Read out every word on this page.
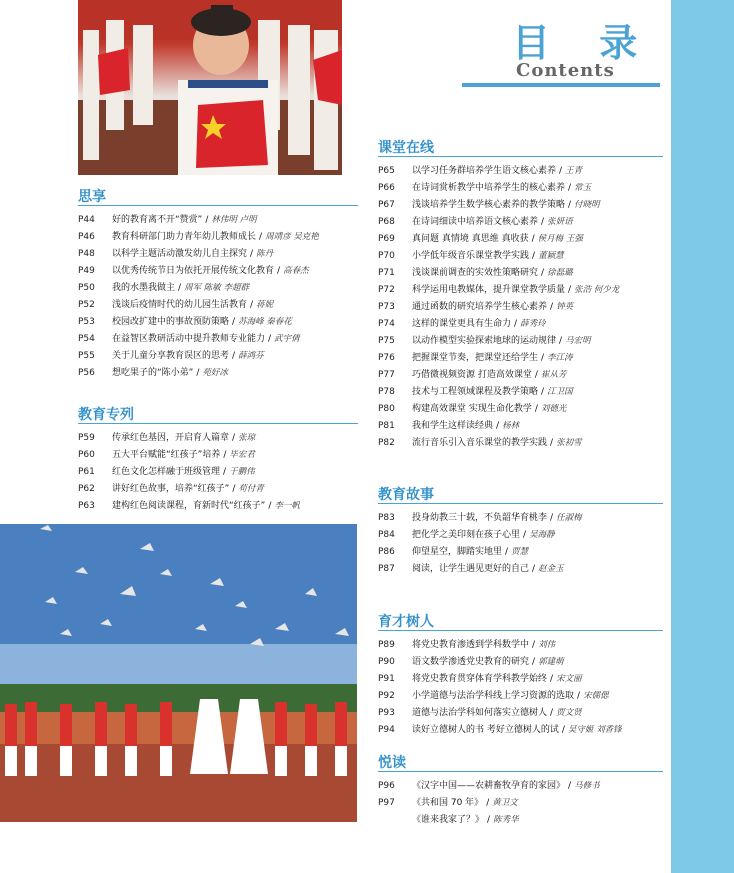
目 录
Contents
思享
P44	好的教育离不开“赞赏” / 林伟明 卢明
P46	教育科研部门助力青年幼儿教师成长 / 周靖彦 吴克艳
P48	以科学主题活动激发幼儿自主探究 / 陈丹
P49	以优秀传统节日为依托开展传统文化教育 / 高春杰
P50	我的水墨我做主 / 周军 陈敏 李超群
P52	浅谈后疫情时代的幼儿园生活教育 / 蒋妮
P53	校园改扩建中的事故预防策略 / 苏海峰 秦春花
P54	在益智区教研活动中提升教师专业能力 / 武宇倩
P55	关于儿童分享教育误区的思考 / 薛鸿芬
P56	想吃果子的“陈小弟” / 苑好冰
教育专列
P59	传承红色基因，开启育人篇章 / 张琼
P60	五大平台赋能“红孩子”培养 / 毕宏君
P61	红色文化怎样融于班级管理 / 于鹏伟
P62	讲好红色故事，培养“红孩子” / 苟付青
P63	建构红色阅读课程，育新时代“红孩子” / 李一帆
课堂在线
P65	以学习任务群培养学生语文核心素养 / 王青
P66	在诗词赏析教学中培养学生的核心素养 / 常玉
P67	浅谈培养学生数学核心素养的教学策略 / 付晓明
P68	在诗词细读中培养语文核心素养 / 张妍语
P69	真问题 真情境 真思维 真收获 / 侯月梅 王强
P70	小学低年级音乐课堂教学实践 / 董颖慧
P71	浅谈课前调查的实效性策略研究 / 徐磊璐
P72	科学运用电教媒体，提升课堂教学质量 / 张浩 何少龙
P73	通过函数的研究培养学生核心素养 / 钟英
P74	这样的课堂更具有生命力 / 薛秀玲
P75	以动作模型实验探索地球的运动规律 / 马宏明
P76	把握课堂节奏，把课堂还给学生 / 李江涛
P77	巧借微视频资源 打造高效课堂 / 崔从芳
P78	技术与工程领域课程及教学策略 / 江卫国
P80	构建高效课堂 实现生命化教学 / 刘德光
P81	我和学生这样读经典 / 杨林
P82	流行音乐引入音乐课堂的教学实践 / 张初雪
教育故事
P83	投身幼教三十载，不负韶华育桃李 / 任淑梅
P84	把化学之美印刻在孩子心里 / 吴海静
P86	仰望星空，脚踏实地里 / 贾慧
P87	阅读，让学生遇见更好的自己 / 赵金玉
育才树人
P89	将党史教育渗透到学科数学中 / 刘伟
P90	语文数学渗透党史教育的研究 / 郭建萌
P91	将党史教育贯穿体育学科教学始终 / 宋文丽
P92	小学道德与法治学科线上学习资源的选取 / 宋儒偲
P93	道德与法治学科如何落实立德树人 / 贾文贤
P94	读好立德树人的书 考好立德树人的试 / 吴守姬 刘香锋
悦读
P96	《汉字中国——农耕畜牧孕育的家园》 / 马修书
P97	《共和国 70 年》 / 黄卫文
《谁来我家了？》 / 陈秀华
